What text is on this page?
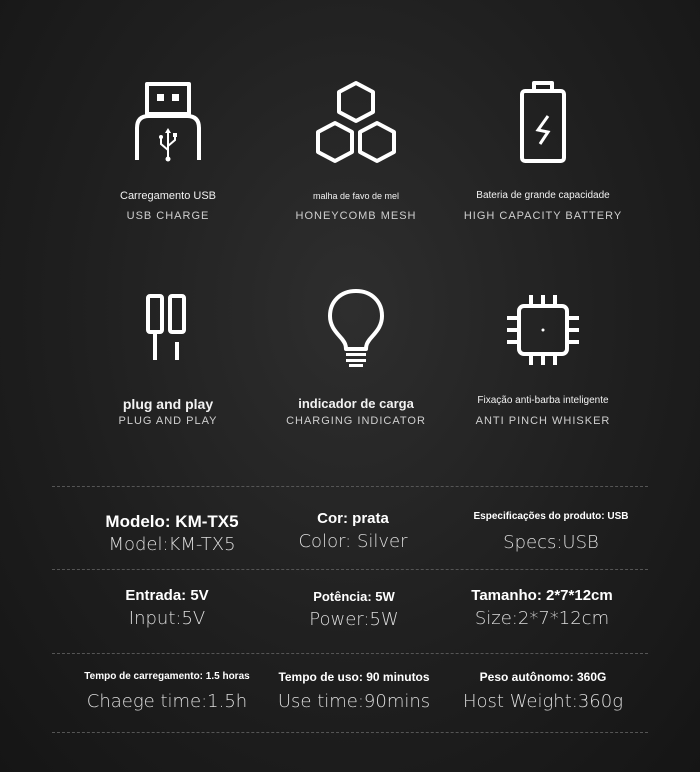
Carregamento USB
USB CHARGE
malha de favo de mel
HONEYCOMB MESH
Bateria de grande capacidade
HIGH CAPACITY BATTERY
plug and play
PLUG AND PLAY
indicador de carga
CHARGING INDICATOR
Fixação anti-barba inteligente
ANTI PINCH WHISKER
Modelo: KM-TX5
Model:KM-TX5
Cor: prata
Color: Silver
Especificações do produto: USB
Specs:USB
Entrada: 5V
Input:5V
Potência: 5W
Power:5W
Tamanho: 2*7*12cm
Size:2*7*12cm
Tempo de carregamento: 1.5 horas
Chaege time:1.5h
Tempo de uso: 90 minutos
Use time:90mins
Peso autônomo: 360G
Host Weight:360g
